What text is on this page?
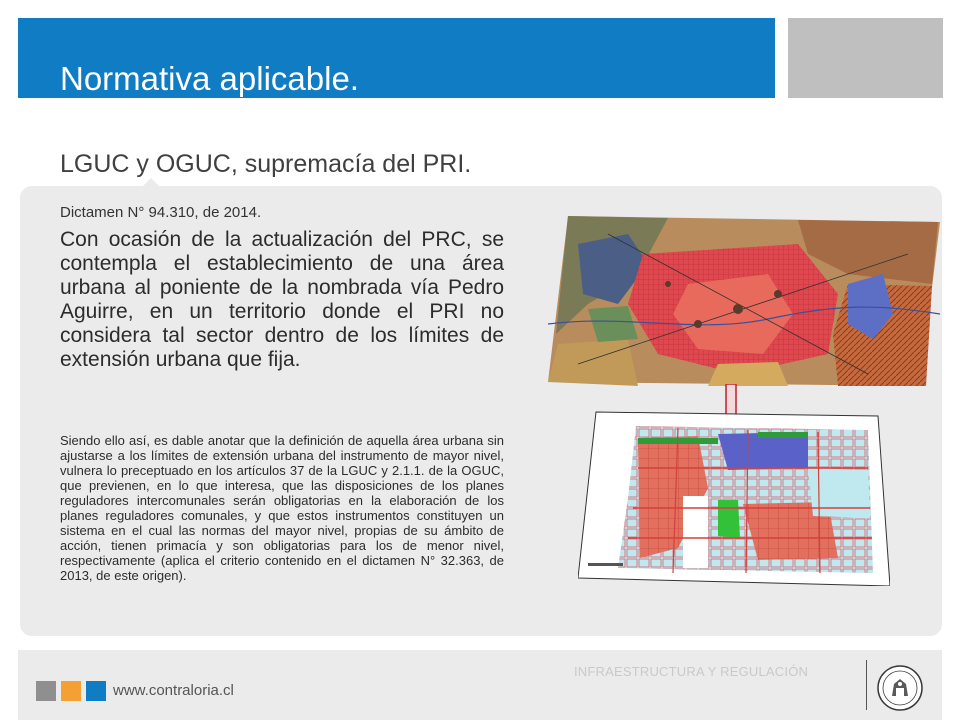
Normativa aplicable.
LGUC y OGUC, supremacía del PRI.

Dictamen N° 94.310, de 2014.

Con ocasión de la actualización del PRC, se contempla el establecimiento de una área urbana al poniente de la nombrada vía Pedro Aguirre, en un territorio donde el PRI no considera tal sector dentro de los límites de extensión urbana que fija.

Siendo ello así, es dable anotar que la definición de aquella área urbana sin ajustarse a los límites de extensión urbana del instrumento de mayor nivel, vulnera lo preceptuado en los artículos 37 de la LGUC y 2.1.1. de la OGUC, que previenen, en lo que interesa, que las disposiciones de los planes reguladores intercomunales serán obligatorias en la elaboración de los planes reguladores comunales, y que estos instrumentos constituyen un sistema en el cual las normas del mayor nivel, propias de su ámbito de acción, tienen primacía y son obligatorias para los de menor nivel, respectivamente (aplica el criterio contenido en el dictamen N° 32.363, de 2013, de este origen).

www.contraloria.cl

INFRAESTRUCTURA Y REGULACIÓN
